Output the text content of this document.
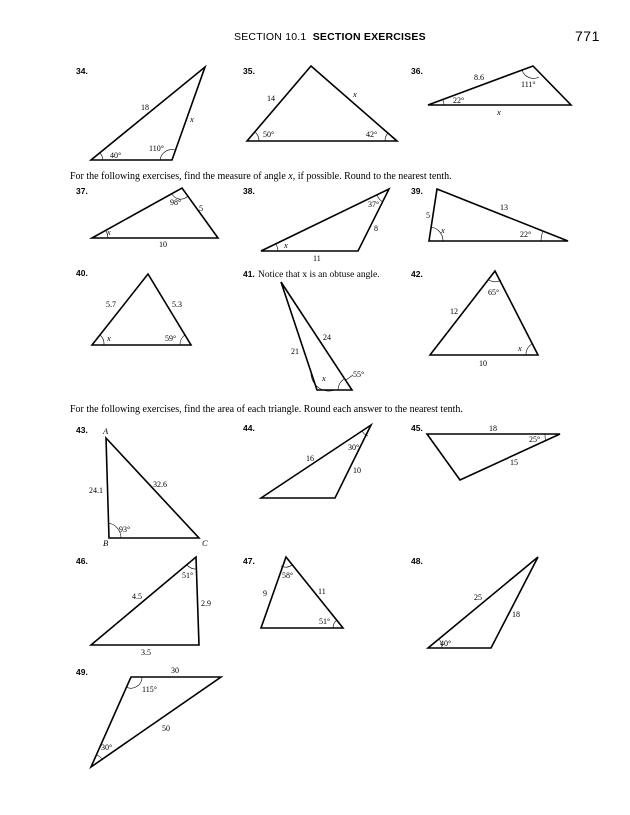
SECTION 10.1 SECTION EXERCISES	771
For the following exercises, find the measure of angle x, if possible. Round to the nearest tenth.
For the following exercises, find the area of each triangle. Round each answer to the nearest tenth.
34.
18
x
40°
110°
35.
14	x
50°	42°
36.
8.6
x
22°
111°
37.
98°
5
x
10
38.
37°
8
x
11
39.
5
13
x	22°
40.
5.7	5.3
x	59°
41. Notice that x is an obtuse angle.
21
24
x	55°
42.
12
65°
x
10
43. A
B	C
24.1
32.6
93°
44.
16
30°
10
45.	18
25°
15
46.
51°
4.5
2.9
3.5
47.
58°
9	11
51°
48.
25
18
40°
49.	30
115°
50
30°
